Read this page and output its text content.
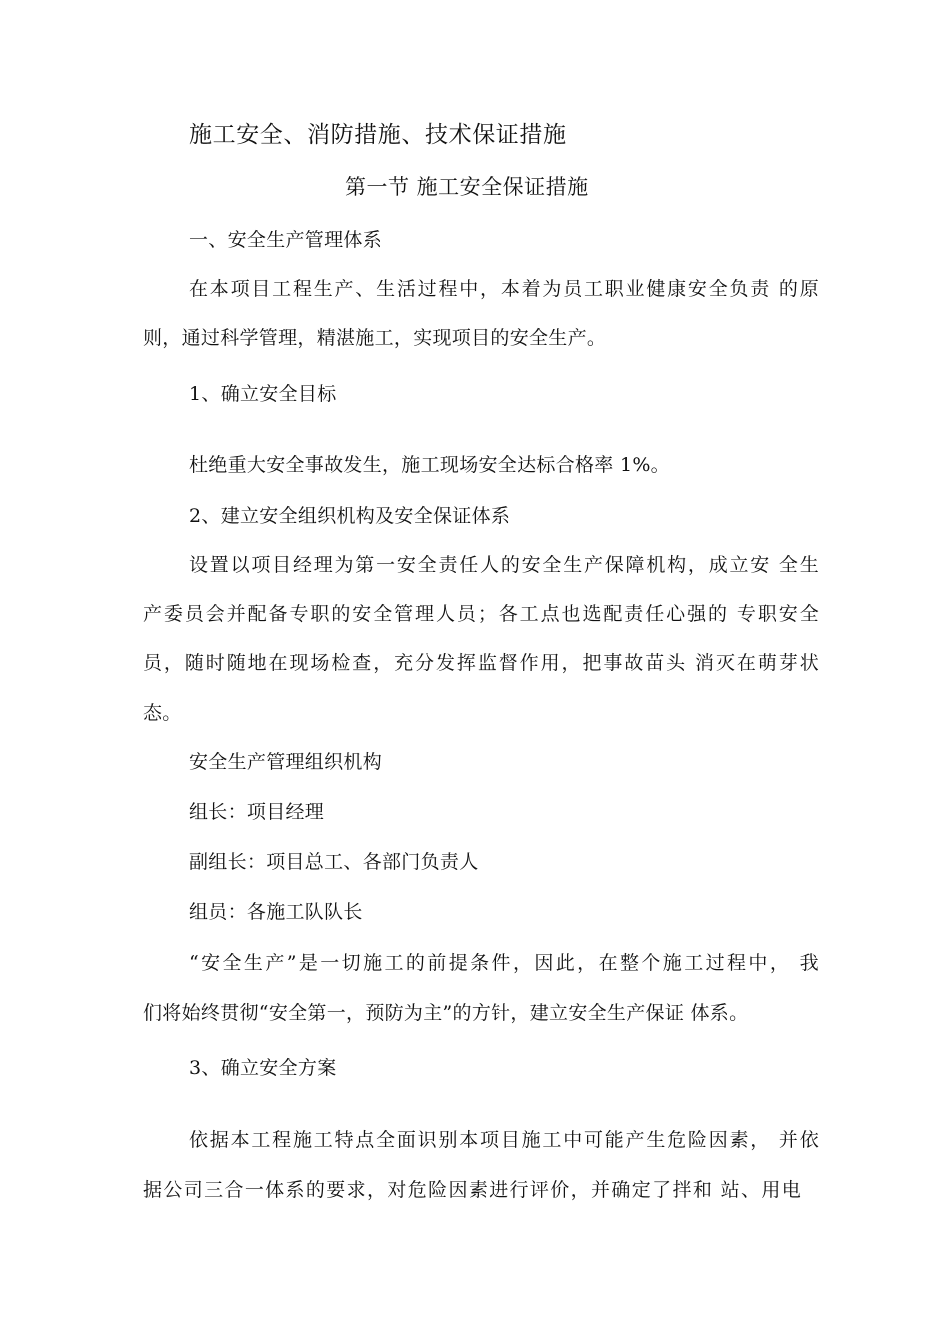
施工安全、消防措施、技术保证措施
第一节 施工安全保证措施
一、安全生产管理体系
在本项目工程生产、生活过程中，本着为员工职业健康安全负责 的原
则，通过科学管理，精湛施工，实现项目的安全生产。
1、确立安全目标
杜绝重大安全事故发生，施工现场安全达标合格率 1%。
2、建立安全组织机构及安全保证体系
设置以项目经理为第一安全责任人的安全生产保障机构，成立安 全生
产委员会并配备专职的安全管理人员；各工点也选配责任心强的 专职安全
员，随时随地在现场检查，充分发挥监督作用，把事故苗头 消灭在萌芽状
态。
安全生产管理组织机构
组长：项目经理
副组长：项目总工、各部门负责人
组员：各施工队队长
“安全生产”是一切施工的前提条件，因此，在整个施工过程中， 我
们将始终贯彻“安全第一，预防为主”的方针，建立安全生产保证 体系。
3、确立安全方案
依据本工程施工特点全面识别本项目施工中可能产生危险因素， 并依
据公司三合一体系的要求，对危险因素进行评价，并确定了拌和 站、用电
